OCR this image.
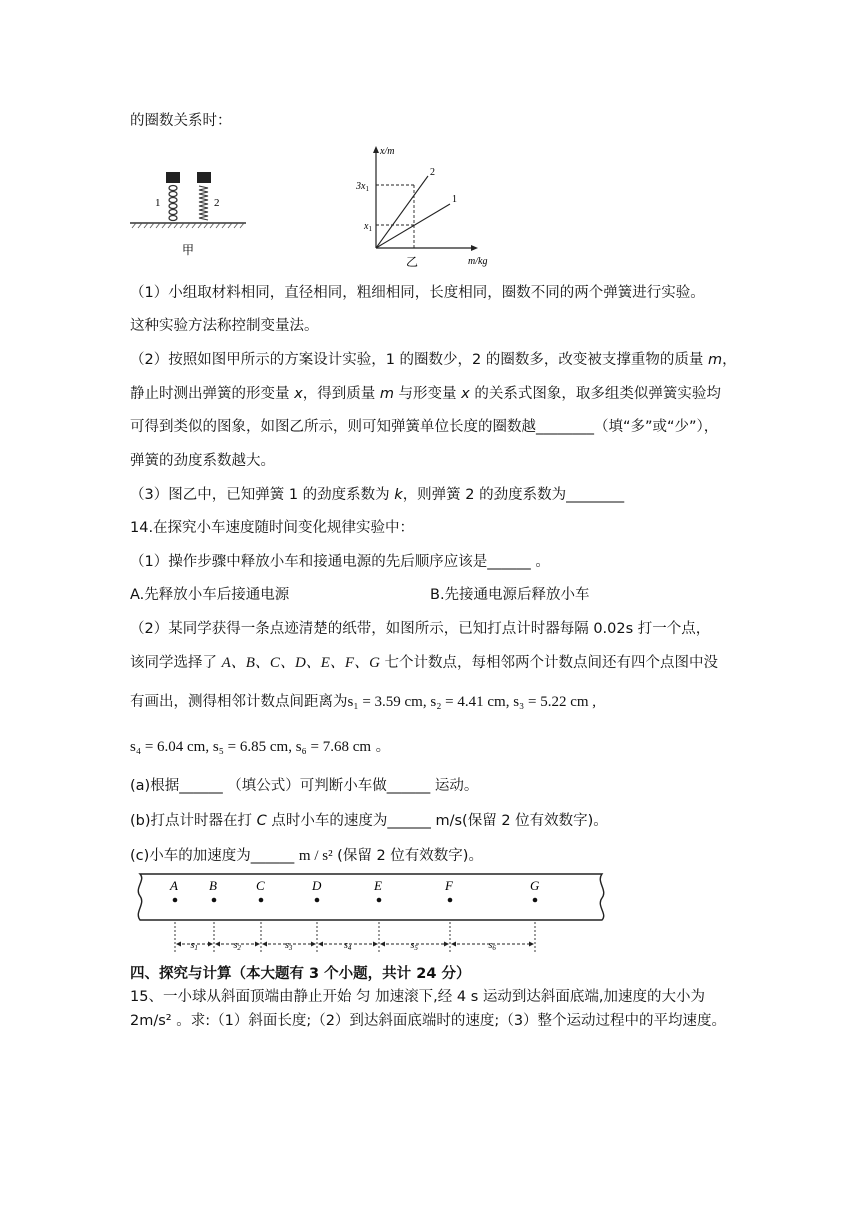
的圈数关系时：
1	2
甲
x/m
m/kg
2
1
$3x_1$
$x_1$
乙
（1）小组取材料相同，直径相同，粗细相同，长度相同，圈数不同的两个弹簧进行实验。
这种实验方法称控制变量法。
（2）按照如图甲所示的方案设计实验，1 的圈数少，2 的圈数多，改变被支撑重物的质量 m，
静止时测出弹簧的形变量 x，得到质量 m 与形变量 x 的关系式图象，取多组类似弹簧实验均
可得到类似的图象，如图乙所示，则可知弹簧单位长度的圈数越________（填“多”或“少”），
弹簧的劲度系数越大。
（3）图乙中，已知弹簧 1 的劲度系数为 k，则弹簧 2 的劲度系数为________
14.在探究小车速度随时间变化规律实验中：
（1）操作步骤中释放小车和接通电源的先后顺序应该是______ 。
A.先释放小车后接通电源	B.先接通电源后释放小车
（2）某同学获得一条点迹清楚的纸带，如图所示，已知打点计时器每隔 0.02s 打一个点，
该同学选择了 A、B、C、D、E、F、G 七个计数点，每相邻两个计数点间还有四个点图中没
有画出，测得相邻计数点间距离为s₁ = 3.59 cm, s₂ = 4.41 cm, s₃ = 5.22 cm ,
s₄ = 6.04 cm, s₅ = 6.85 cm, s₆ = 7.68 cm 。
(a)根据______ （填公式）可判断小车做______ 运动。
(b)打点计时器在打 C 点时小车的速度为______ m/s(保留 2 位有效数字)。
(c)小车的加速度为______ m / s² (保留 2 位有效数字)。
A B	C	D	E	F	G
$s_1$	$s_2$	$s_3$	$s_4$	$s_5$	$s_6$
四、探究与计算（本大题有 3 个小题，共计 24 分）
15、一小球从斜面顶端由静止开始 匀 加速滚下,经 4 s 运动到达斜面底端,加速度的大小为
2m/s² 。求:（1）斜面长度;（2）到达斜面底端时的速度;（3）整个运动过程中的平均速度。
